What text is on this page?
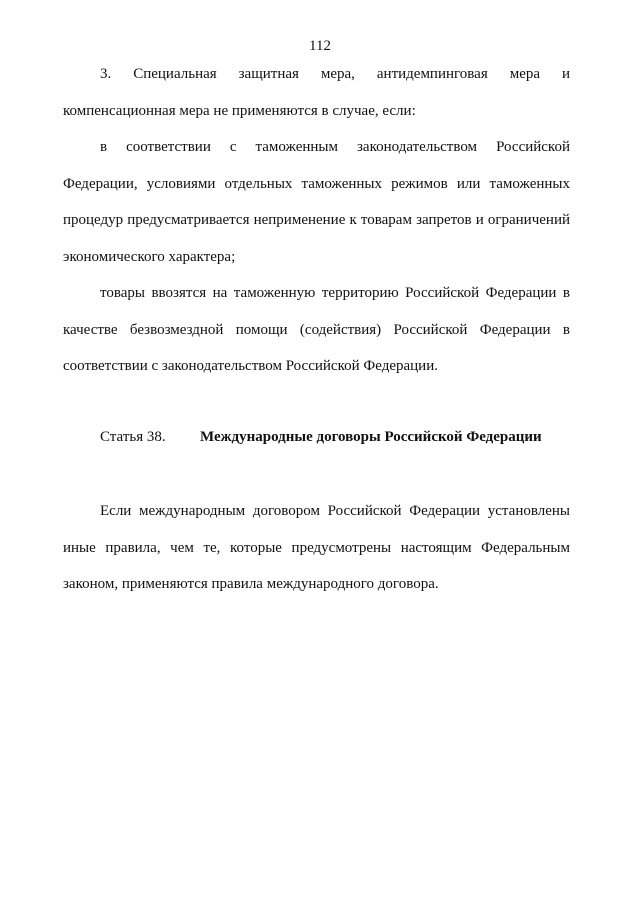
112

3. Специальная защитная мера, антидемпинговая мера и компенсационная мера не применяются в случае, если:

в соответствии с таможенным законодательством Российской Федерации, условиями отдельных таможенных режимов или таможенных процедур предусматривается неприменение к товарам запретов и ограничений экономического характера;

товары ввозятся на таможенную территорию Российской Федерации в качестве безвозмездной помощи (содействия) Российской Федерации в соответствии с законодательством Российской Федерации.

Статья 38.	Международные договоры Российской Федерации

Если международным договором Российской Федерации установлены иные правила, чем те, которые предусмотрены настоящим Федеральным законом, применяются правила международного договора.
